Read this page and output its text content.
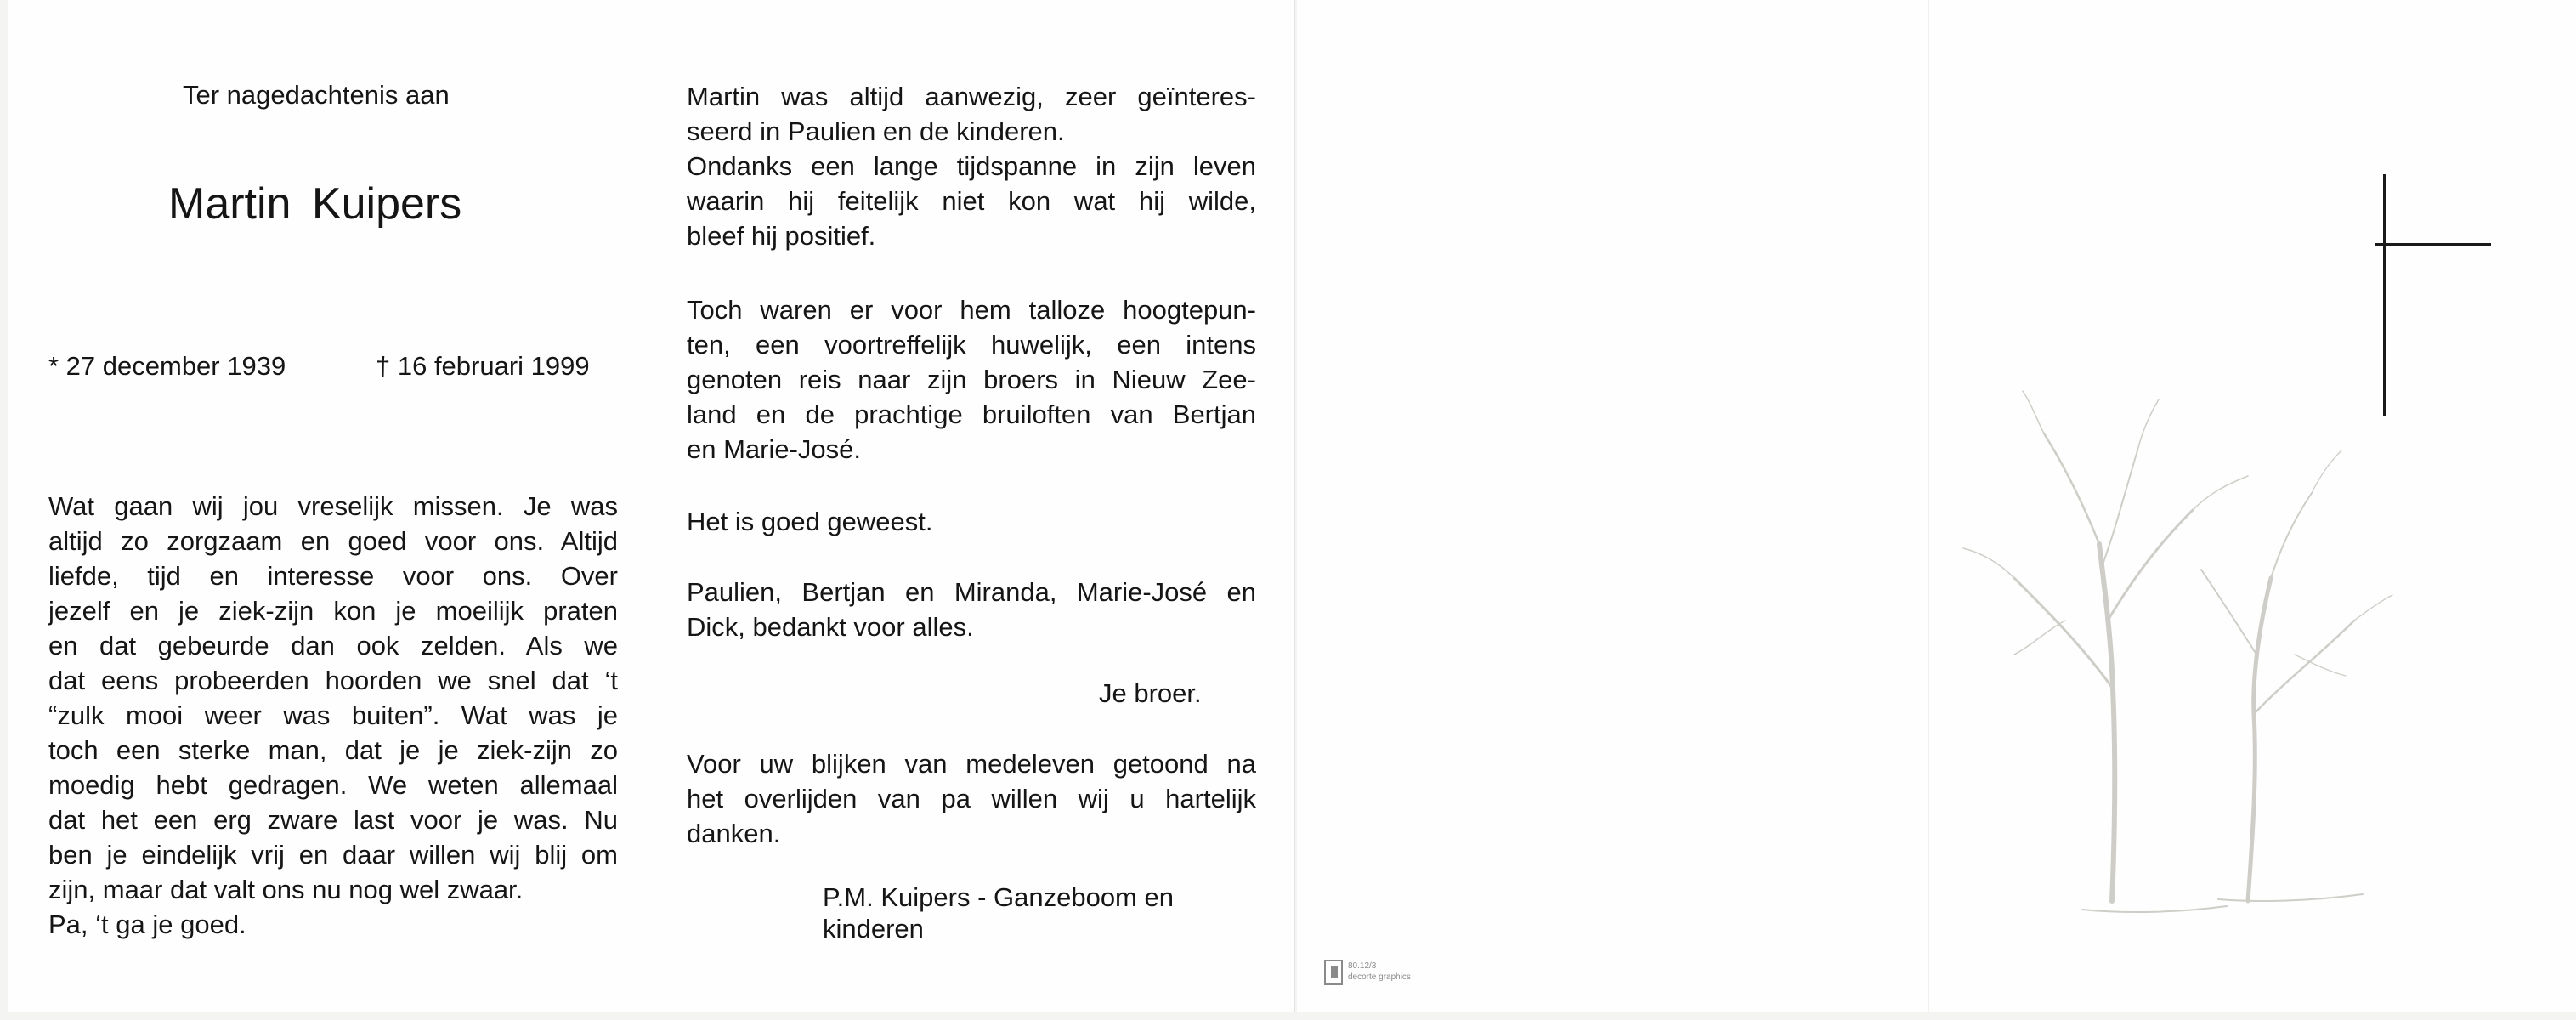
Ter nagedachtenis aan

Martin Kuipers

* 27 december 1939	† 16 februari 1999

Wat gaan wij jou vreselijk missen. Je was
altijd zo zorgzaam en goed voor ons. Altijd
liefde, tijd en interesse voor ons. Over
jezelf en je ziek-zijn kon je moeilijk praten
en dat gebeurde dan ook zelden. Als we
dat eens probeerden hoorden we snel dat ‘t
“zulk mooi weer was buiten”. Wat was je
toch een sterke man, dat je je ziek-zijn zo
moedig hebt gedragen. We weten allemaal
dat het een erg zware last voor je was. Nu
ben je eindelijk vrij en daar willen wij blij om
zijn, maar dat valt ons nu nog wel zwaar.
Pa, ‘t ga je goed.
Martin was altijd aanwezig, zeer geïnteres-
seerd in Paulien en de kinderen.
Ondanks een lange tijdspanne in zijn leven
waarin hij feitelijk niet kon wat hij wilde,
bleef hij positief.
Toch waren er voor hem talloze hoogtepun-
ten, een voortreffelijk huwelijk, een intens
genoten reis naar zijn broers in Nieuw Zee-
land en de prachtige bruiloften van Bertjan
en Marie-José.

Het is goed geweest.

Paulien, Bertjan en Miranda, Marie-José en
Dick, bedankt voor alles.

Je broer.

Voor uw blijken van medeleven getoond na
het overlijden van pa willen wij u hartelijk
danken.
P.M. Kuipers - Ganzeboom en
kinderen
80.12/3
decorte graphics
